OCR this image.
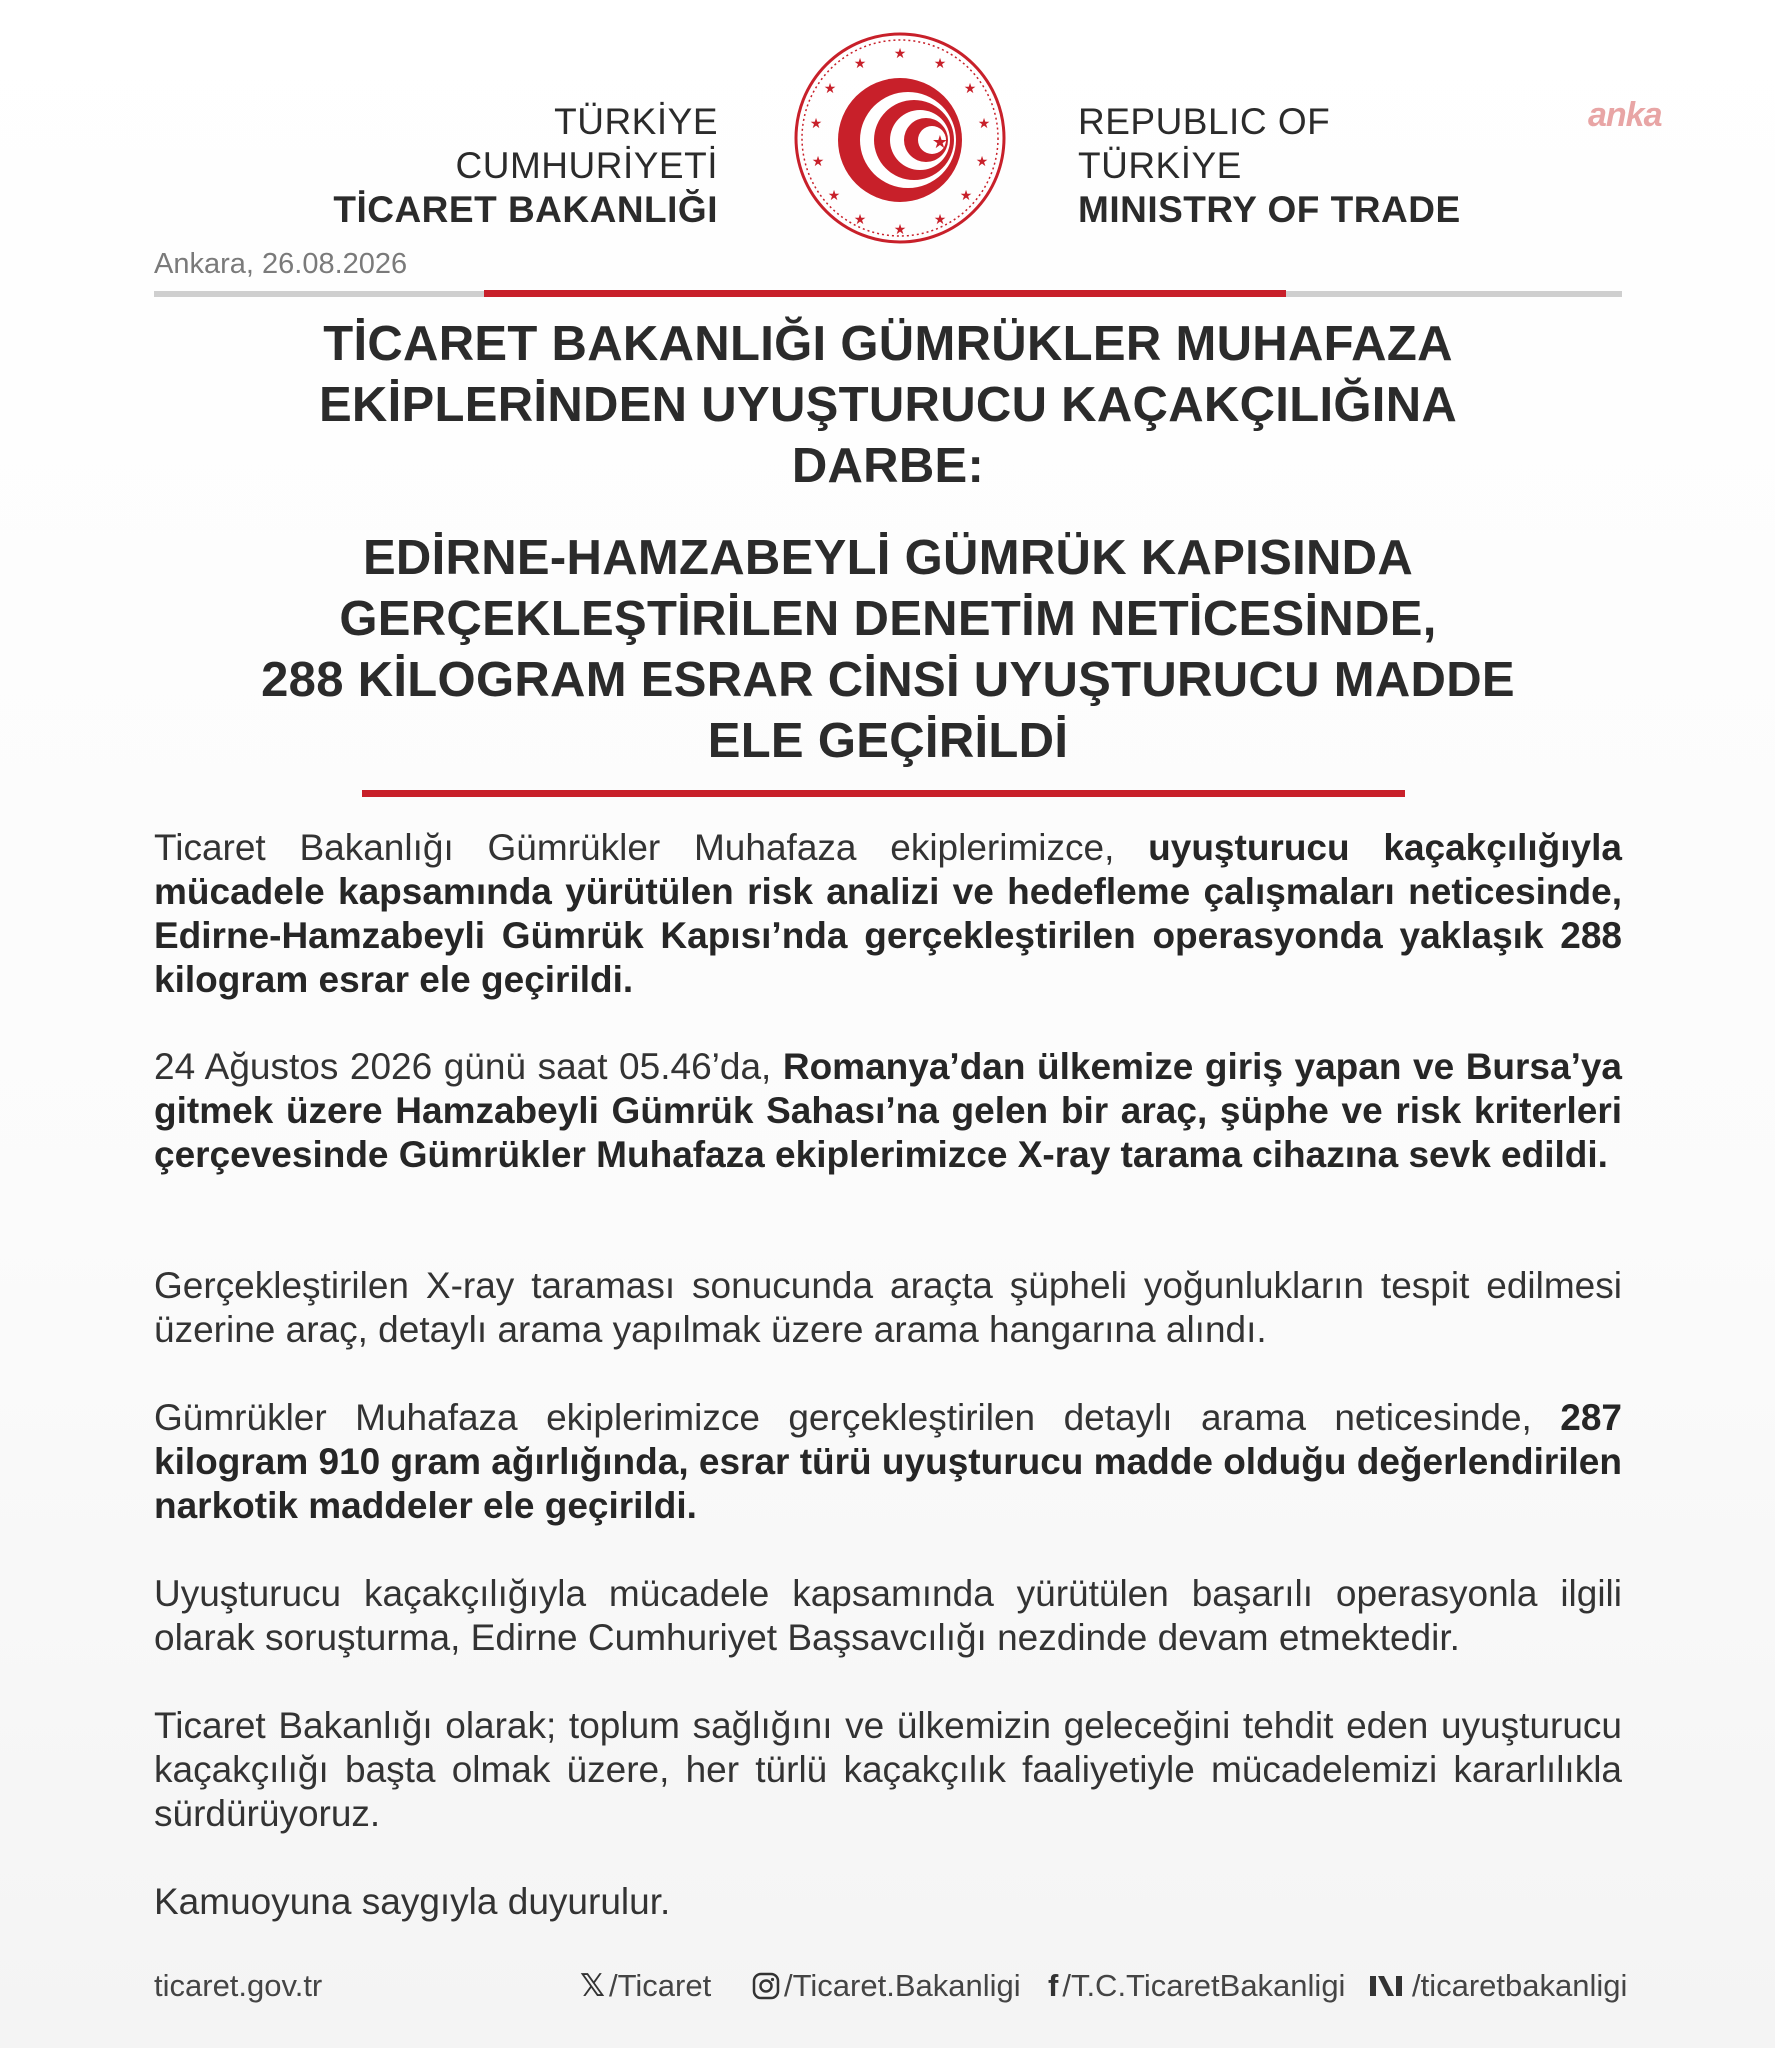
TÜRKİYE CUMHURİYETİ
TİCARET BAKANLIĞI
★
★
★
★
★
★
★
★
★
★
★
★
★
★
★	REPUBLIC OF TÜRKİYE
MINISTRY OF TRADE
anka
Ankara, 26.08.2026
TİCARET BAKANLIĞI GÜMRÜKLER MUHAFAZA
EKİPLERİNDEN UYUŞTURUCU KAÇAKÇILIĞINA
DARBE:
EDİRNE-HAMZABEYLİ GÜMRÜK KAPISINDA
GERÇEKLEŞTİRİLEN DENETİM NETİCESİNDE,
288 KİLOGRAM ESRAR CİNSİ UYUŞTURUCU MADDE
ELE GEÇİRİLDİ
Ticaret Bakanlığı Gümrükler Muhafaza ekiplerimizce, uyuşturucu kaçakçılığıyla mücadele kapsamında yürütülen risk analizi ve hedefleme çalışmaları neticesinde, Edirne-Hamzabeyli Gümrük Kapısı’nda gerçekleştirilen operasyonda yaklaşık 288 kilogram esrar ele geçirildi.
24 Ağustos 2026 günü saat 05.46’da, Romanya’dan ülkemize giriş yapan ve Bursa’ya gitmek üzere Hamzabeyli Gümrük Sahası’na gelen bir araç, şüphe ve risk kriterleri çerçevesinde Gümrükler Muhafaza ekiplerimizce X-ray tarama cihazına sevk edildi.
Gerçekleştirilen X-ray taraması sonucunda araçta şüpheli yoğunlukların tespit edilmesi üzerine araç, detaylı arama yapılmak üzere arama hangarına alındı.
Gümrükler Muhafaza ekiplerimizce gerçekleştirilen detaylı arama neticesinde, 287 kilogram 910 gram ağırlığında, esrar türü uyuşturucu madde olduğu değerlendirilen narkotik maddeler ele geçirildi.
Uyuşturucu kaçakçılığıyla mücadele kapsamında yürütülen başarılı operasyonla ilgili olarak soruşturma, Edirne Cumhuriyet Başsavcılığı nezdinde devam etmektedir.
Ticaret Bakanlığı olarak; toplum sağlığını ve ülkemizin geleceğini tehdit eden uyuşturucu kaçakçılığı başta olmak üzere, her türlü kaçakçılık faaliyetiyle mücadelemizi kararlılıkla sürdürüyoruz.
Kamuoyuna saygıyla duyurulur.
ticaret.gov.tr	𝕏 /Ticaret /Ticaret.Bakanligi f /T.C.TicaretBakanligi /ticaretbakanligi
